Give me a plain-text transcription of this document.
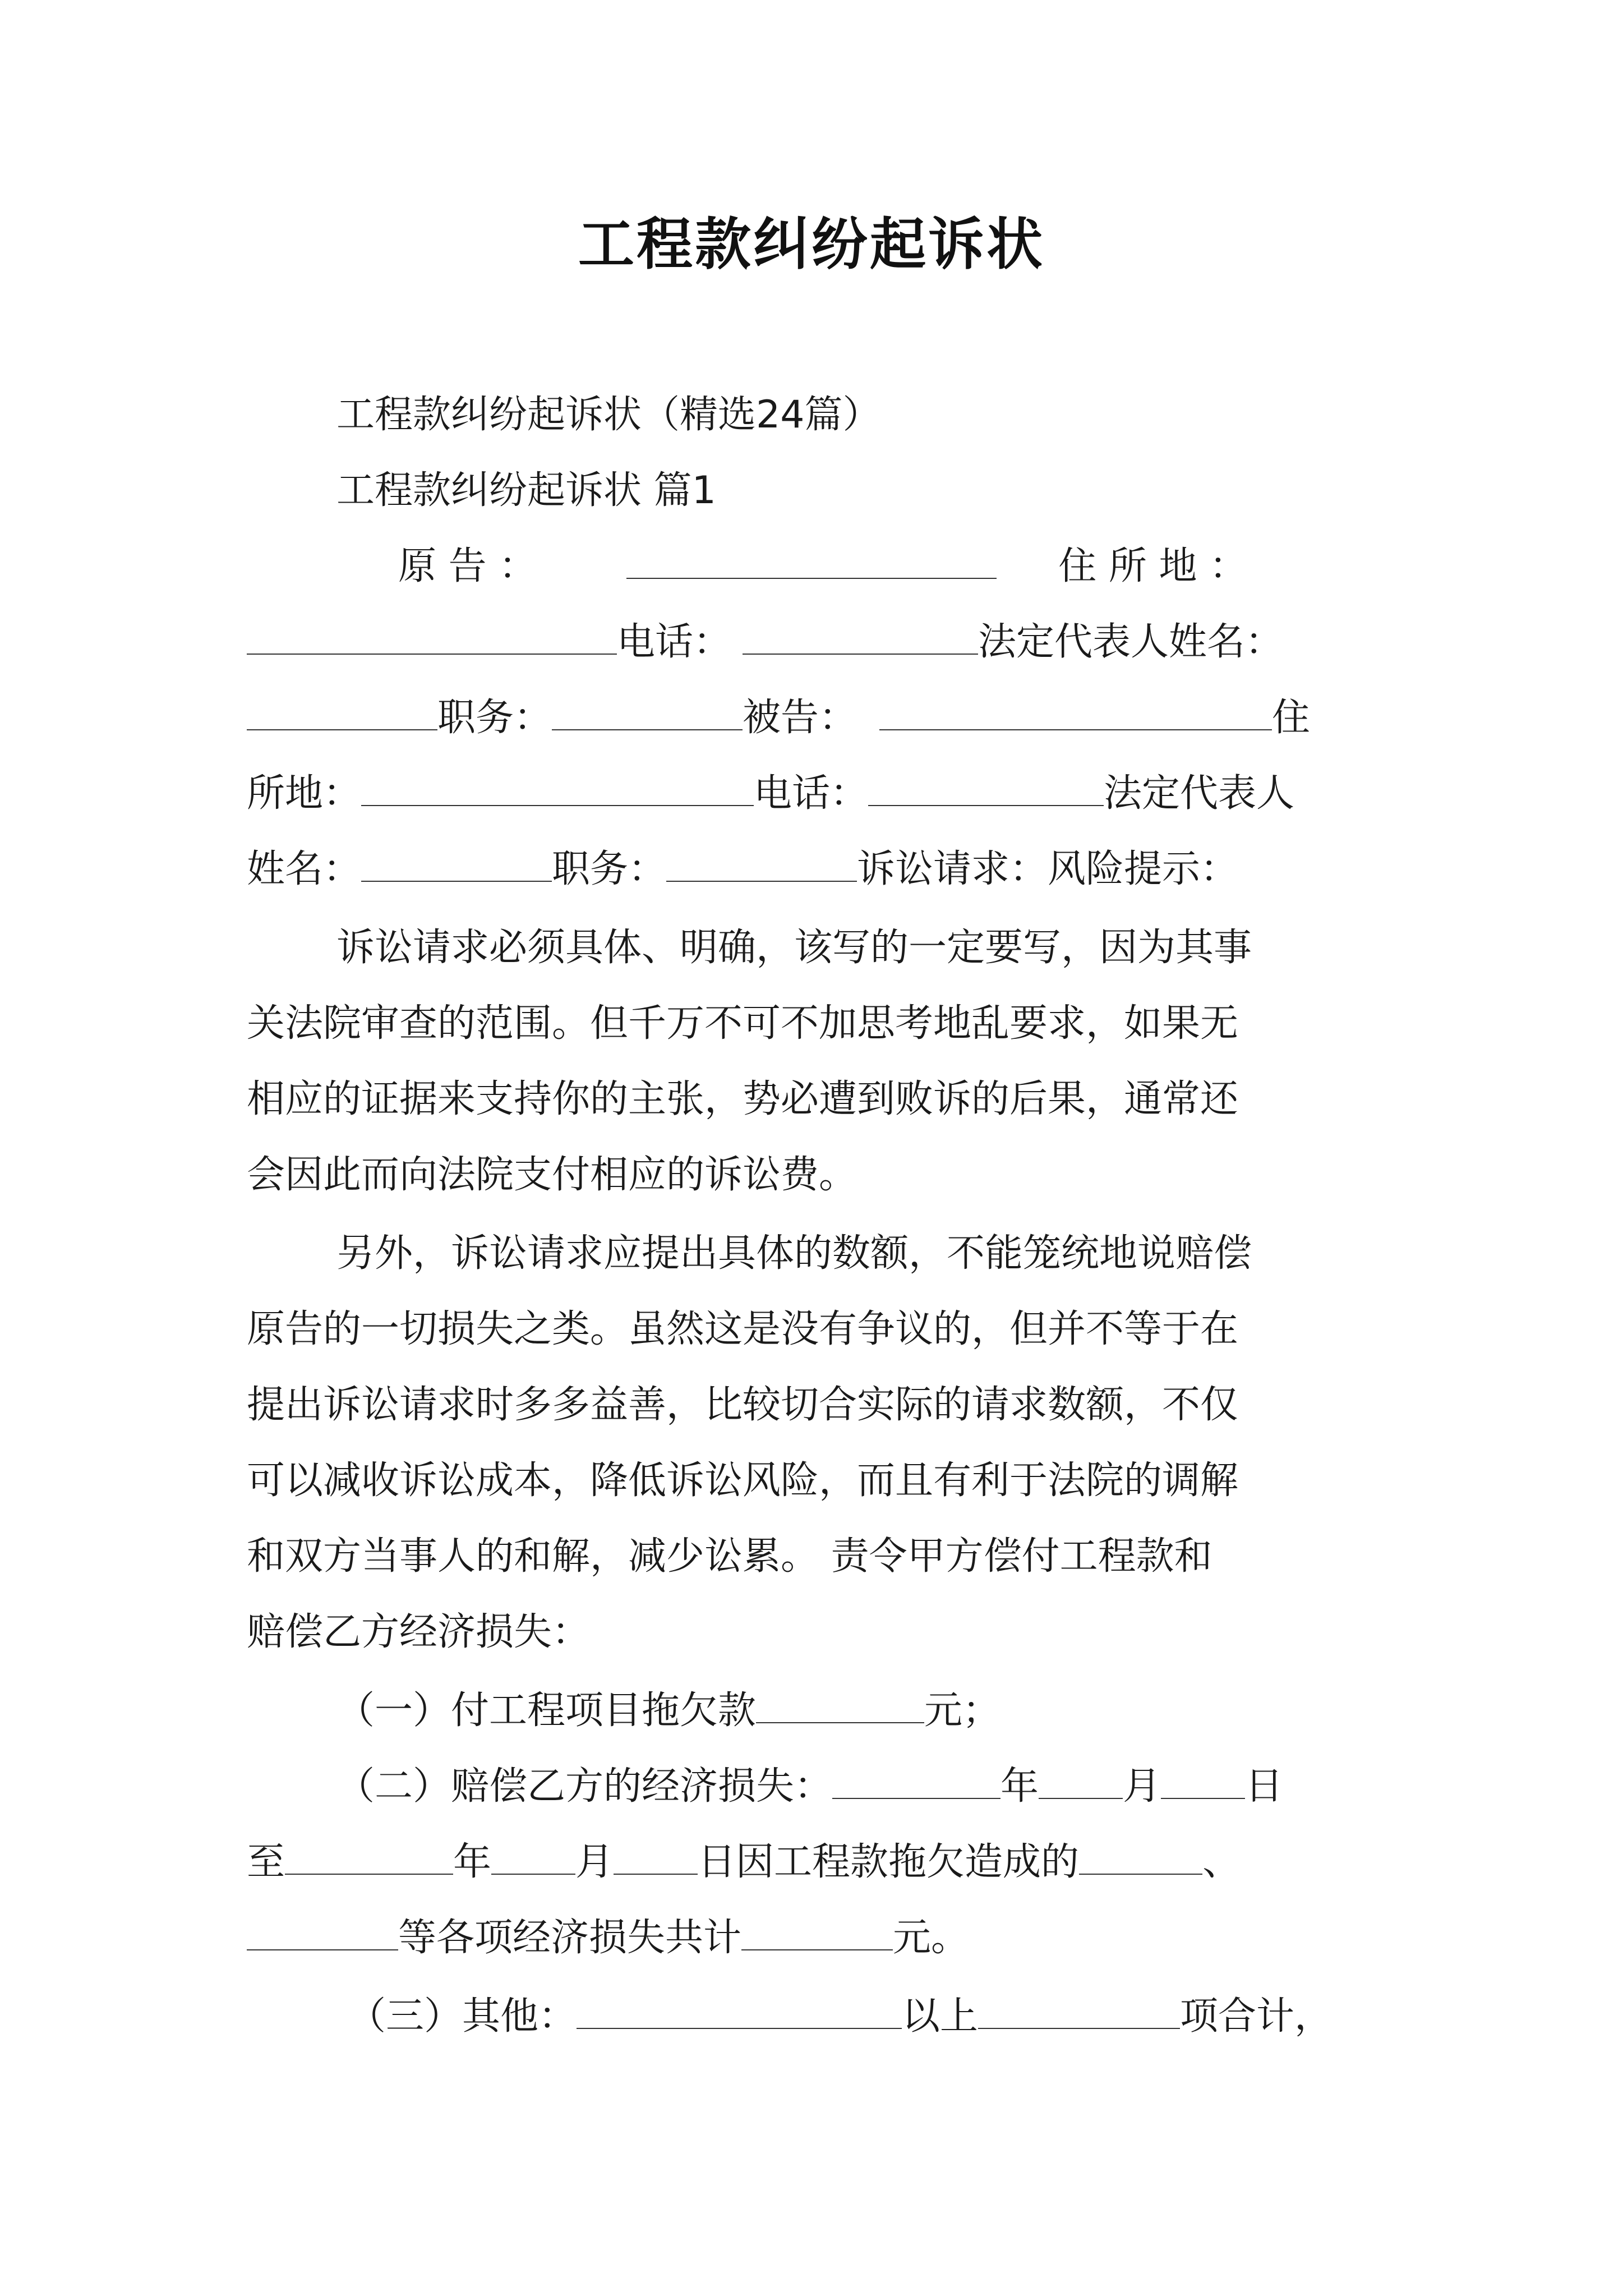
工程款纠纷起诉状
工程款纠纷起诉状（精选24篇）
工程款纠纷起诉状 篇1
原 告 ：	住 所 地 ：
电话：	法定代表人姓名：
职务：	被告：	住
所地：	电话：	法定代表人
姓名：	职务：	诉讼请求：风险提示：
诉讼请求必须具体、明确，该写的一定要写，因为其事
关法院审查的范围。但千万不可不加思考地乱要求，如果无
相应的证据来支持你的主张，势必遭到败诉的后果，通常还
会因此而向法院支付相应的诉讼费。
另外，诉讼请求应提出具体的数额，不能笼统地说赔偿
原告的一切损失之类。虽然这是没有争议的，但并不等于在
提出诉讼请求时多多益善，比较切合实际的请求数额，不仅
可以减收诉讼成本，降低诉讼风险，而且有利于法院的调解
和双方当事人的和解，减少讼累。 责令甲方偿付工程款和
赔偿乙方经济损失：
（一）付工程项目拖欠款	元；
（二）赔偿乙方的经济损失：	年 月 日
至	年 月 日因工程款拖欠造成的	、
等各项经济损失共计	元。
（三）其他：	以上	项合计，
